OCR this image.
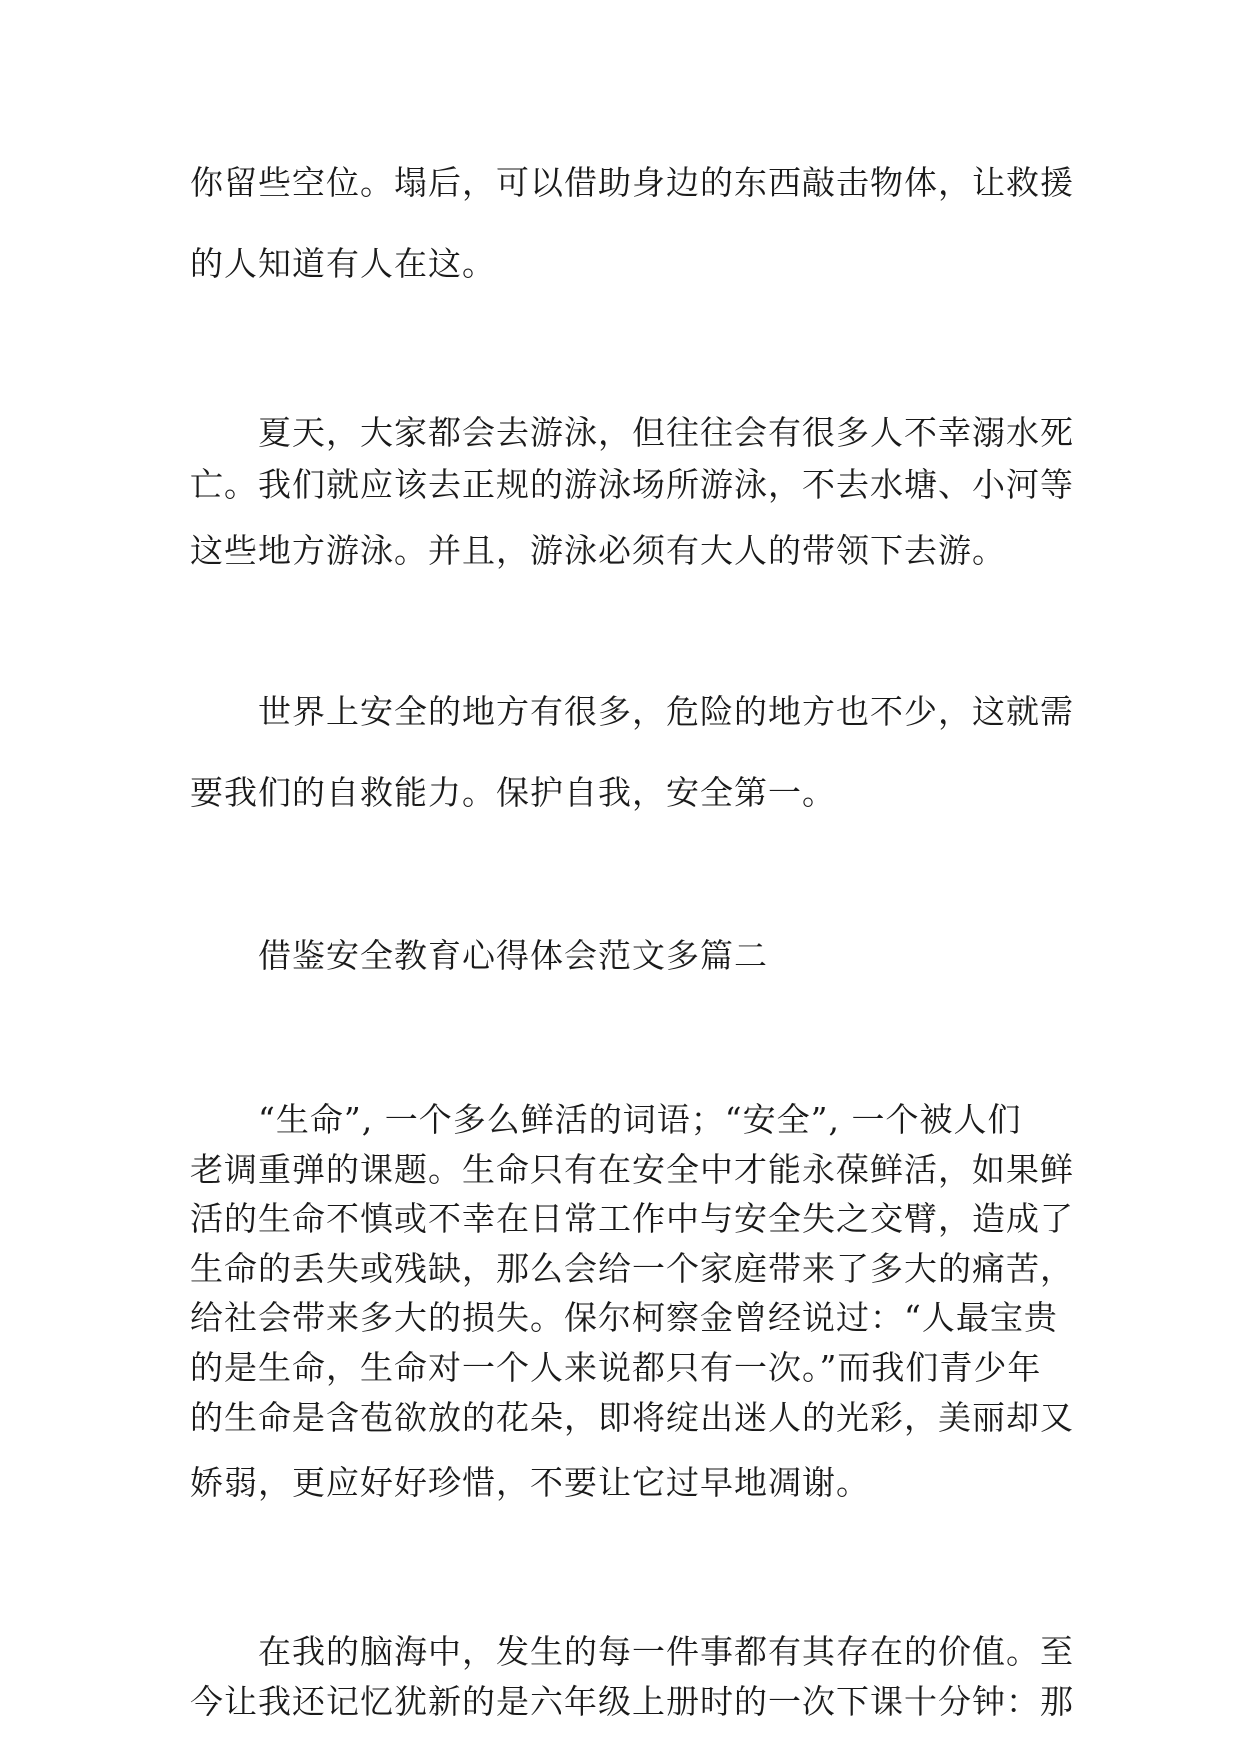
你留些空位。塌后，可以借助身边的东西敲击物体，让救援
的人知道有人在这。
夏天，大家都会去游泳，但往往会有很多人不幸溺水死
亡。我们就应该去正规的游泳场所游泳，不去水塘、小河等
这些地方游泳。并且，游泳必须有大人的带领下去游。
世界上安全的地方有很多，危险的地方也不少，这就需
要我们的自救能力。保护自我，安全第一。
借鉴安全教育心得体会范文多篇二
“生命”, 一个多么鲜活的词语；“安全”, 一个被人们
老调重弹的课题。生命只有在安全中才能永葆鲜活，如果鲜
活的生命不慎或不幸在日常工作中与安全失之交臂，造成了
生命的丢失或残缺，那么会给一个家庭带来了多大的痛苦，
给社会带来多大的损失。保尔柯察金曾经说过：“人最宝贵
的是生命，生命对一个人来说都只有一次。”而我们青少年
的生命是含苞欲放的花朵，即将绽出迷人的光彩，美丽却又
娇弱，更应好好珍惜，不要让它过早地凋谢。
在我的脑海中，发生的每一件事都有其存在的价值。至
今让我还记忆犹新的是六年级上册时的一次下课十分钟：那
